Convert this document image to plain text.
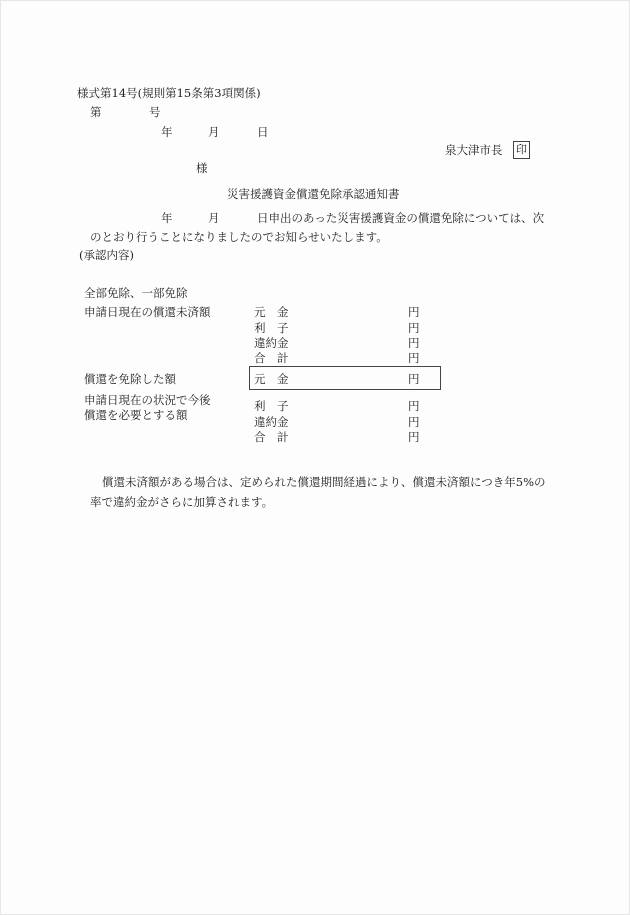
様式第14号(規則第15条第3項関係)
第	号
年	月	日
泉大津市長 印
様
災害援護資金償還免除承認通知書
年	月	日申出のあった災害援護資金の償還免除については、次
のとおり行うことになりましたのでお知らせいたします。
(承認内容)
全部免除、一部免除
申請日現在の償還未済額	元　金	円
利　子	円
違約金	円
合　計	円
償還を免除した額	元　金	円
申請日現在の状況で今後
償還を必要とする額
利　子	円
違約金	円
合　計	円
償還未済額がある場合は、定められた償還期間経過により、償還未済額につき年5%の
率で違約金がさらに加算されます。
